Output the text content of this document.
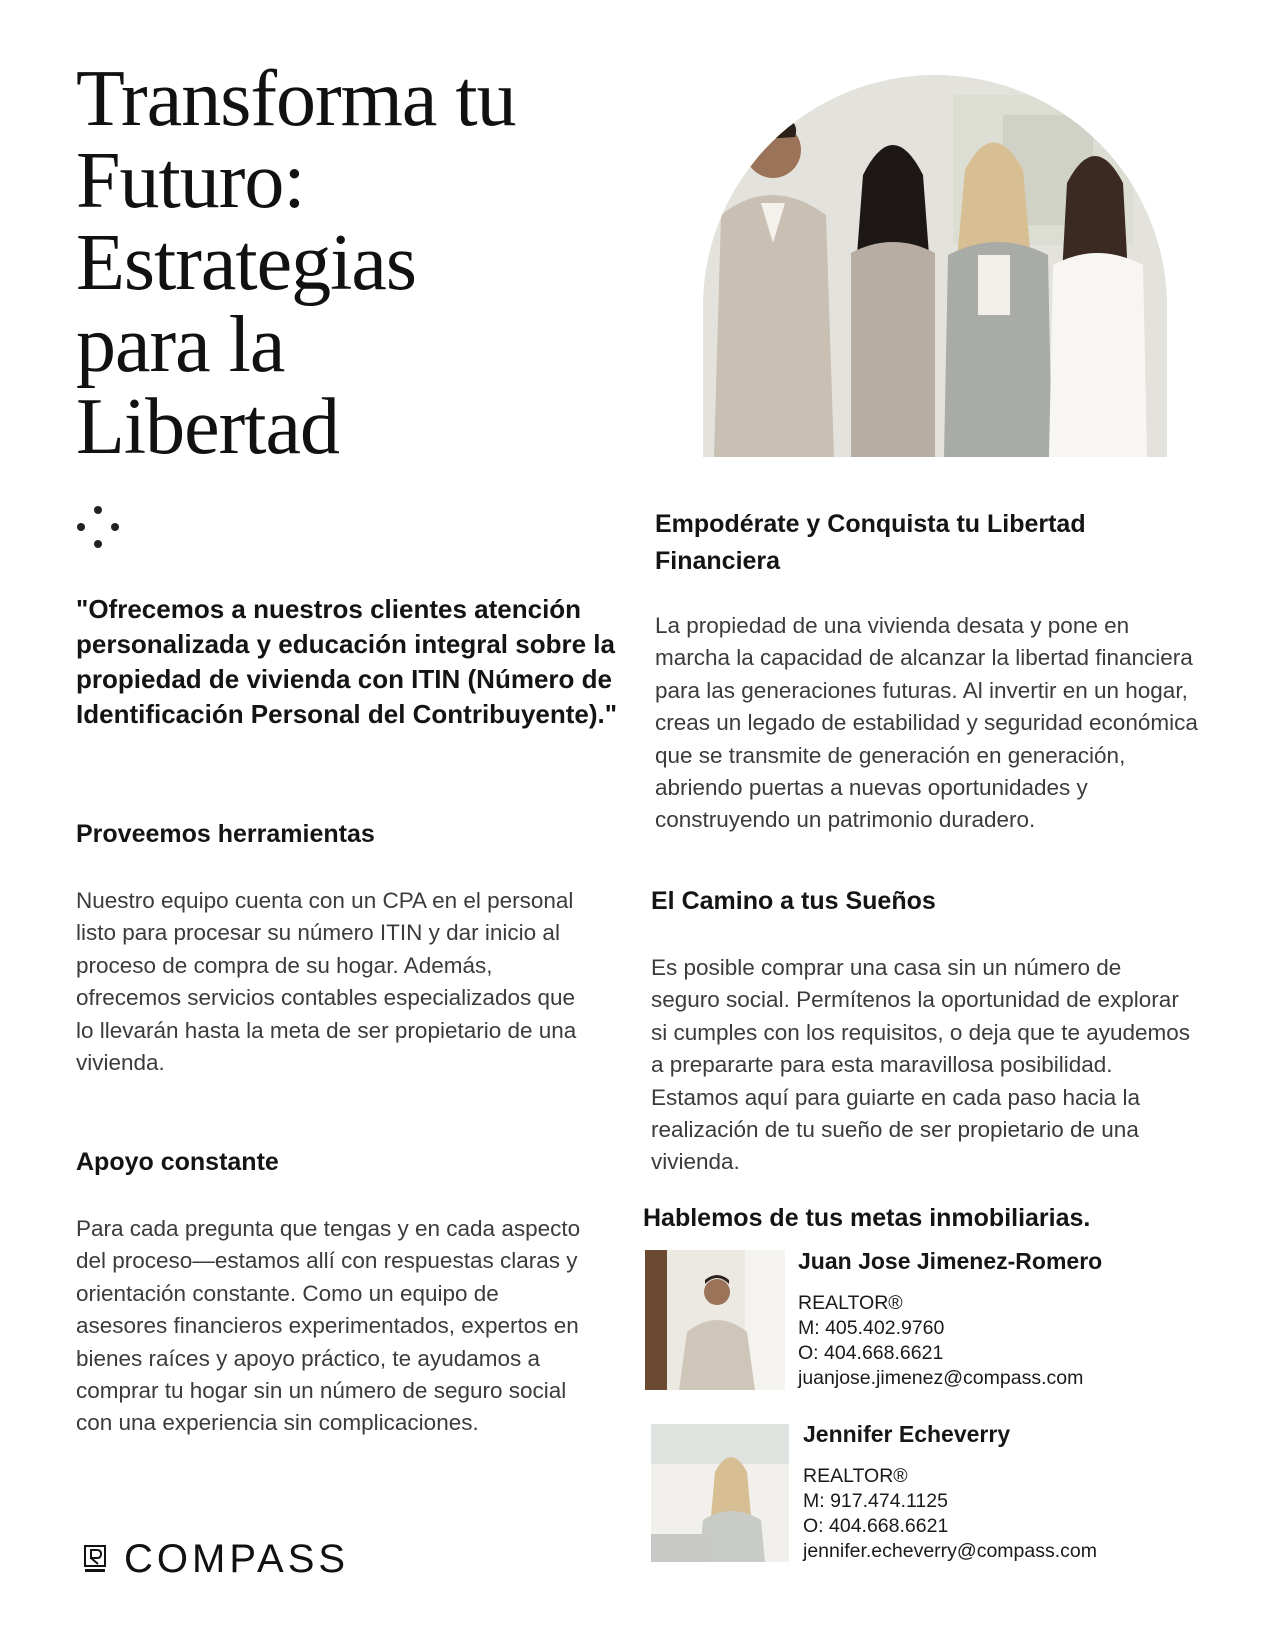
Transforma tu
Futuro:
Estrategias
para la
Libertad
"Ofrecemos a nuestros clientes atención personalizada y educación integral sobre la propiedad de vivienda con ITIN (Número de Identificación Personal del Contribuyente)."
Proveemos herramientas

Nuestro equipo cuenta con un CPA en el personal listo para procesar su número ITIN y dar inicio al proceso de compra de su hogar. Además, ofrecemos servicios contables especializados que lo llevarán hasta la meta de ser propietario de una vivienda.

Apoyo constante

Para cada pregunta que tengas y en cada aspecto del proceso—estamos allí con respuestas claras y orientación constante. Como un equipo de asesores financieros experimentados, expertos en bienes raíces y apoyo práctico, te ayudamos a comprar tu hogar sin un número de seguro social con una experiencia sin complicaciones.

Empodérate y Conquista tu Libertad Financiera

La propiedad de una vivienda desata y pone en marcha la capacidad de alcanzar la libertad financiera para las generaciones futuras. Al invertir en un hogar, creas un legado de estabilidad y seguridad económica que se transmite de generación en generación, abriendo puertas a nuevas oportunidades y construyendo un patrimonio duradero.

El Camino a tus Sueños

Es posible comprar una casa sin un número de seguro social. Permítenos la oportunidad de explorar si cumples con los requisitos, o deja que te ayudemos a prepararte para esta maravillosa posibilidad. Estamos aquí para guiarte en cada paso hacia la realización de tu sueño de ser propietario de una vivienda.

Hablemos de tus metas inmobiliarias.
Juan Jose Jimenez-Romero
REALTOR®
M: 405.402.9760
O: 404.668.6621
juanjose.jimenez@compass.com
Jennifer Echeverry
REALTOR®
M: 917.474.1125
O: 404.668.6621
jennifer.echeverry@compass.com
COMPASS
